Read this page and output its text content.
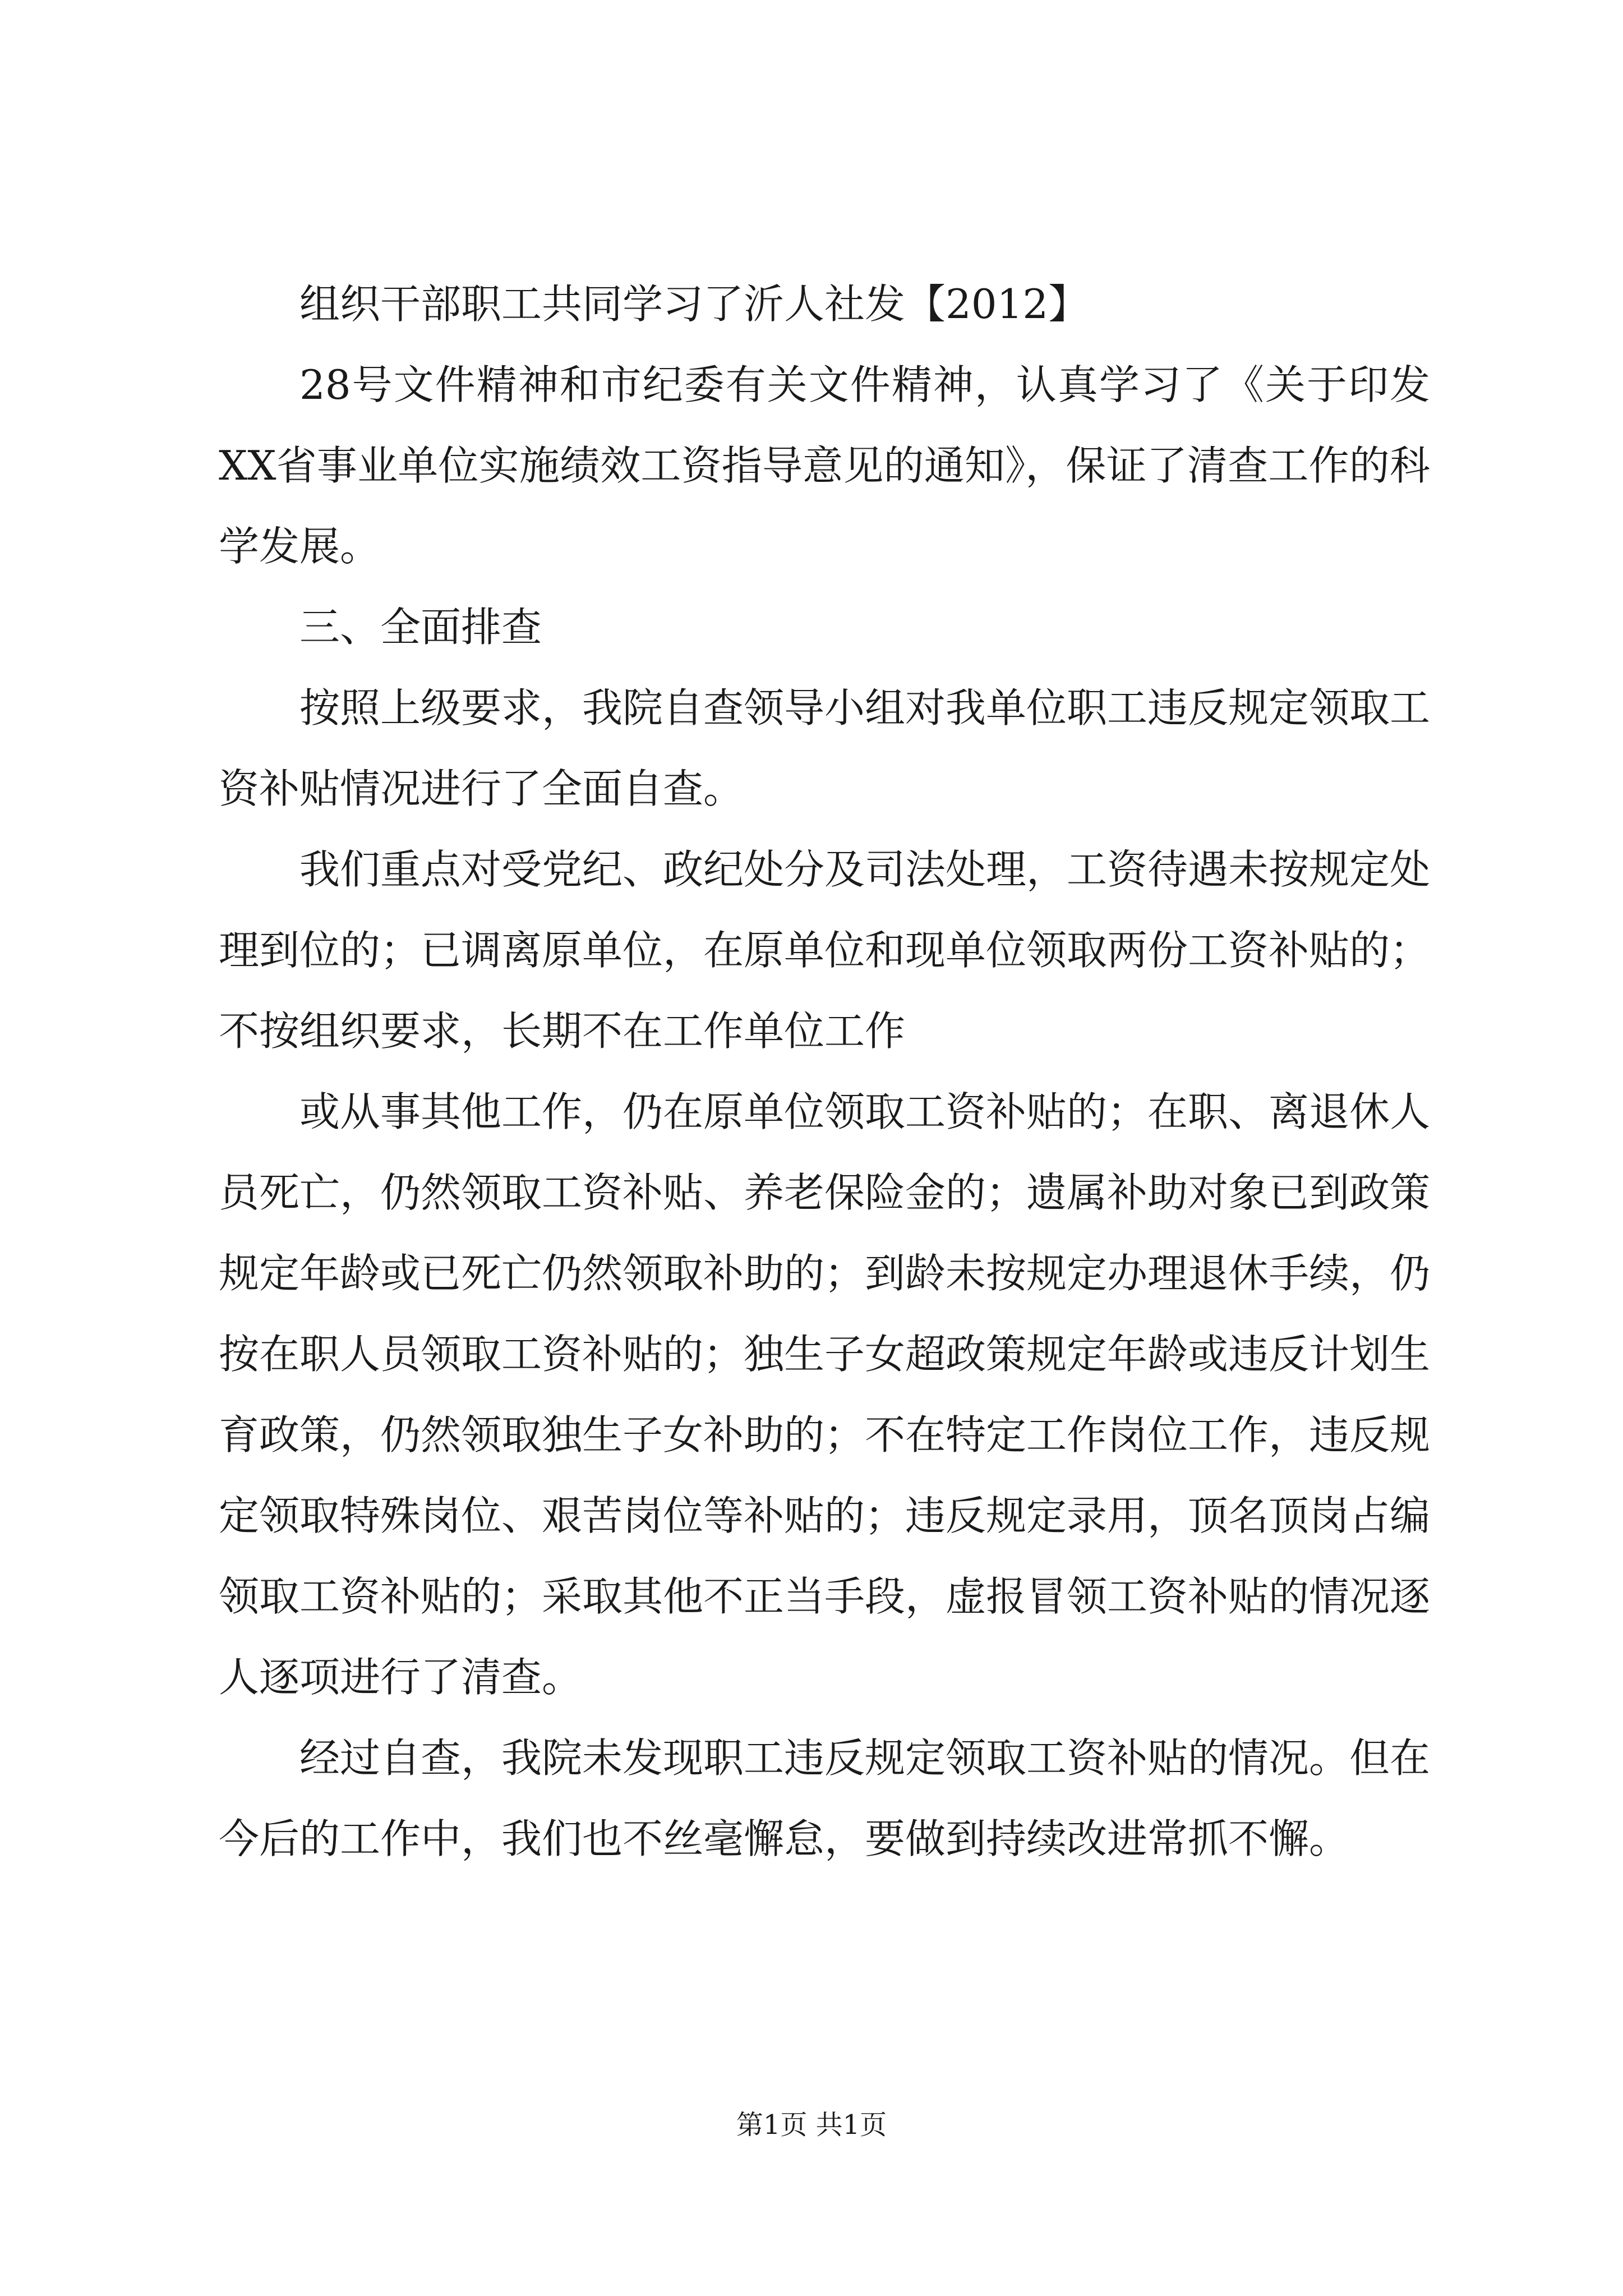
组织干部职工共同学习了沂人社发【2012】

28号文件精神和市纪委有关文件精神，认真学习了《关于印发XX省事业单位实施绩效工资指导意见的通知》，保证了清查工作的科学发展。

三、全面排查

按照上级要求，我院自查领导小组对我单位职工违反规定领取工资补贴情况进行了全面自查。

我们重点对受党纪、政纪处分及司法处理，工资待遇未按规定处理到位的；已调离原单位，在原单位和现单位领取两份工资补贴的；不按组织要求，长期不在工作单位工作

或从事其他工作，仍在原单位领取工资补贴的；在职、离退休人员死亡，仍然领取工资补贴、养老保险金的；遗属补助对象已到政策规定年龄或已死亡仍然领取补助的；到龄未按规定办理退休手续，仍按在职人员领取工资补贴的；独生子女超政策规定年龄或违反计划生育政策，仍然领取独生子女补助的；不在特定工作岗位工作，违反规定领取特殊岗位、艰苦岗位等补贴的；违反规定录用，顶名顶岗占编领取工资补贴的；采取其他不正当手段，虚报冒领工资补贴的情况逐人逐项进行了清查。

经过自查，我院未发现职工违反规定领取工资补贴的情况。但在今后的工作中，我们也不丝毫懈怠，要做到持续改进常抓不懈。

第1页 共1页
